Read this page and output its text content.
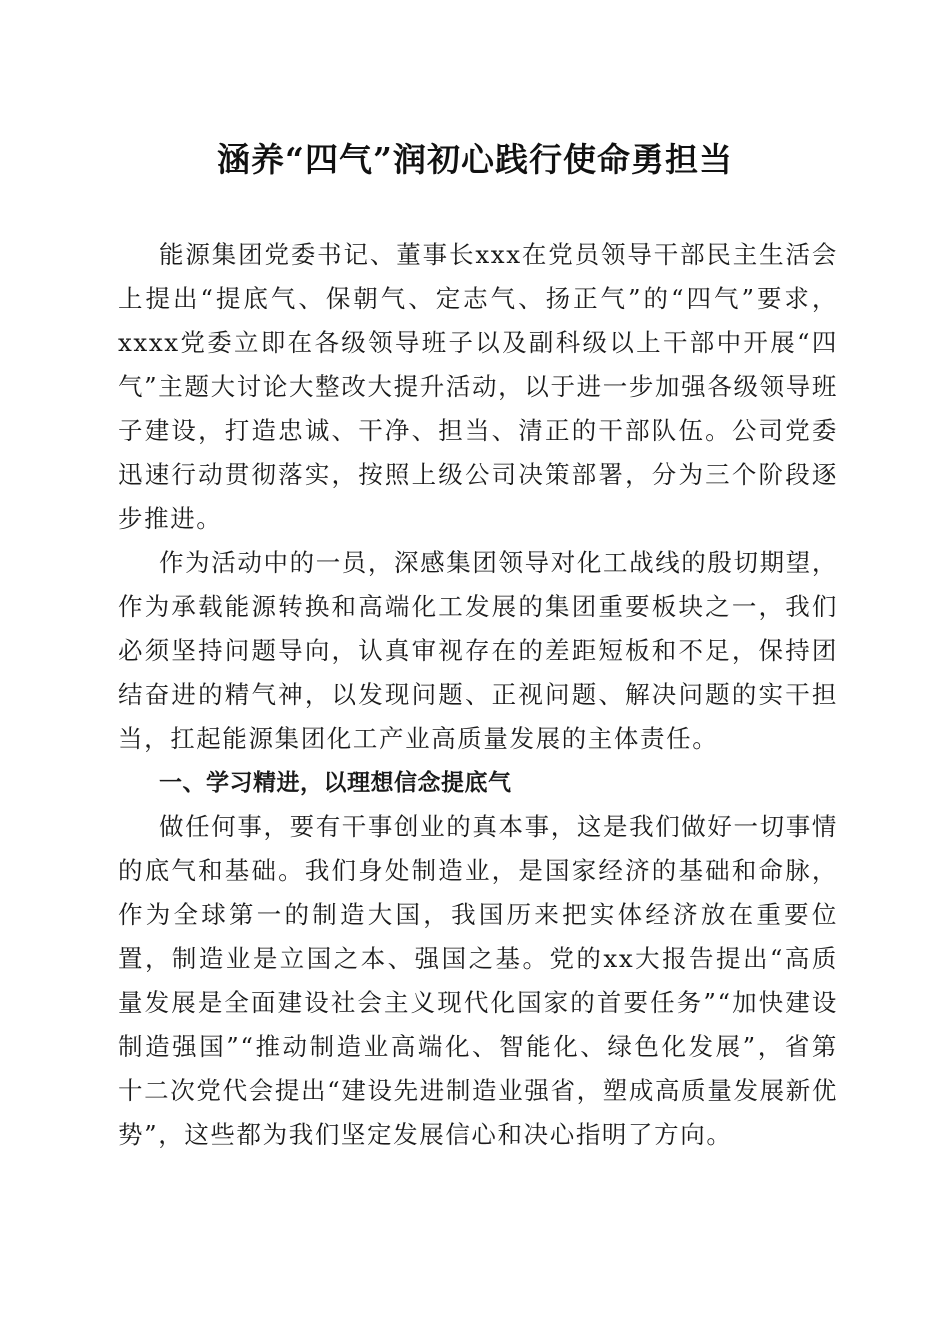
涵养“四气”润初心践行使命勇担当

能源集团党委书记、董事长xxx在党员领导干部民主生活会上提出“提底气、保朝气、定志气、扬正气”的“四气”要求，xxxx党委立即在各级领导班子以及副科级以上干部中开展“四气”主题大讨论大整改大提升活动，以于进一步加强各级领导班子建设，打造忠诚、干净、担当、清正的干部队伍。公司党委迅速行动贯彻落实，按照上级公司决策部署，分为三个阶段逐步推进。

作为活动中的一员，深感集团领导对化工战线的殷切期望，作为承载能源转换和高端化工发展的集团重要板块之一，我们必须坚持问题导向，认真审视存在的差距短板和不足，保持团结奋进的精气神，以发现问题、正视问题、解决问题的实干担当，扛起能源集团化工产业高质量发展的主体责任。

一、学习精进，以理想信念提底气

做任何事，要有干事创业的真本事，这是我们做好一切事情的底气和基础。我们身处制造业，是国家经济的基础和命脉，作为全球第一的制造大国，我国历来把实体经济放在重要位置，制造业是立国之本、强国之基。党的xx大报告提出“高质量发展是全面建设社会主义现代化国家的首要任务”“加快建设制造强国”“推动制造业高端化、智能化、绿色化发展”，省第十二次党代会提出“建设先进制造业强省，塑成高质量发展新优势”，这些都为我们坚定发展信心和决心指明了方向。
